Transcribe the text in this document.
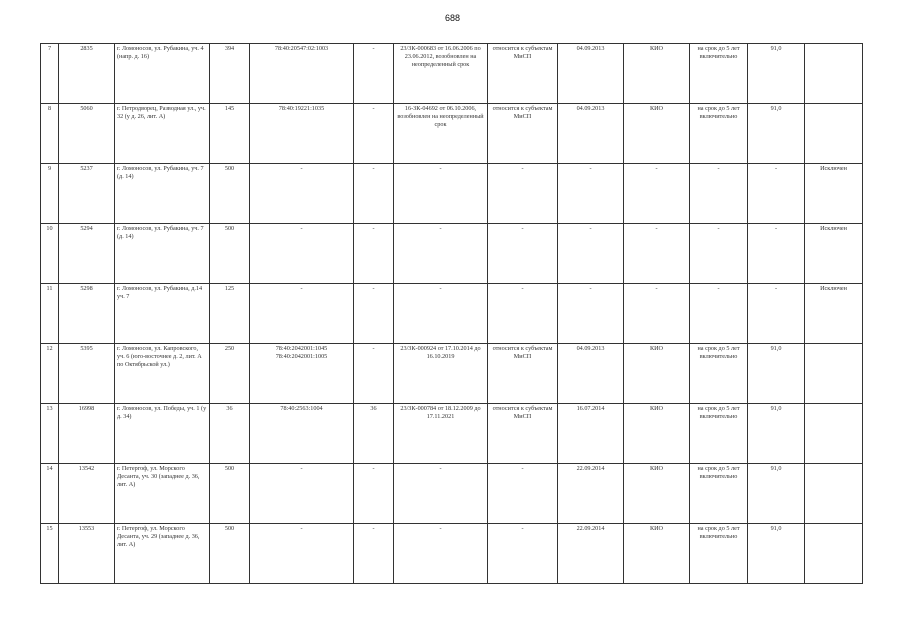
688
7	2835	г. Ломоносов, ул. Рубакина, уч. 4 (напр. д. 16)	394	78:40:20547:02:1003	-	23/ЗК-000683 от 16.06.2006 по 23.06.2012, возобновлен на неопределенный срок	относится к субъектам МиСП	04.09.2013	КИО	на срок до 5 лет включительно	91,0	
8	5060	г. Петродворец, Разводная ул., уч. 32 (у д. 26, лит. А)	145	78:40:19221:1035	-	16-ЗК-04692 от 06.10.2006, возобновлен на неопределенный срок	относится к субъектам МиСП	04.09.2013	КИО	на срок до 5 лет включительно	91,0	
9	5237	г. Ломоносов, ул. Рубакина, уч. 7 (д. 14)	500	-	-	-	-	-	-	-	-	Исключен
10	5294	г. Ломоносов, ул. Рубакина, уч. 7 (д. 14)	500	-	-	-	-	-	-	-	-	Исключен
11	5298	г. Ломоносов, ул. Рубакина, д.14 уч. 7	125	-	-	-	-	-	-	-	-	Исключен
12	5395	г. Ломоносов, ул. Капровского, уч. 6 (юго-восточнее д. 2, лит. А по Октябрьской ул.)	250	78:40:2042001:1045 78:40:2042001:1005	-	23/ЗК-000924 от 17.10.2014 до 16.10.2019	относится к субъектам МиСП	04.09.2013	КИО	на срок до 5 лет включительно	91,0	
13	16998	г. Ломоносов, ул. Победы, уч. 1 (у д. 34)	36	78:40:2563:1004	36	23/ЗК-000784 от 18.12.2009 до 17.11.2021	относится к субъектам МиСП	16.07.2014	КИО	на срок до 5 лет включительно	91,0	
14	13542	г. Петергоф, ул. Морского Десанта, уч. 30 (западнее д. 36, лит. А)	500	-	-	-	-	22.09.2014	КИО	на срок до 5 лет включительно	91,0	
15	13553	г. Петергоф, ул. Морского Десанта, уч. 29 (западнее д. 36, лит. А)	500	-	-	-	-	22.09.2014	КИО	на срок до 5 лет включительно	91,0	
